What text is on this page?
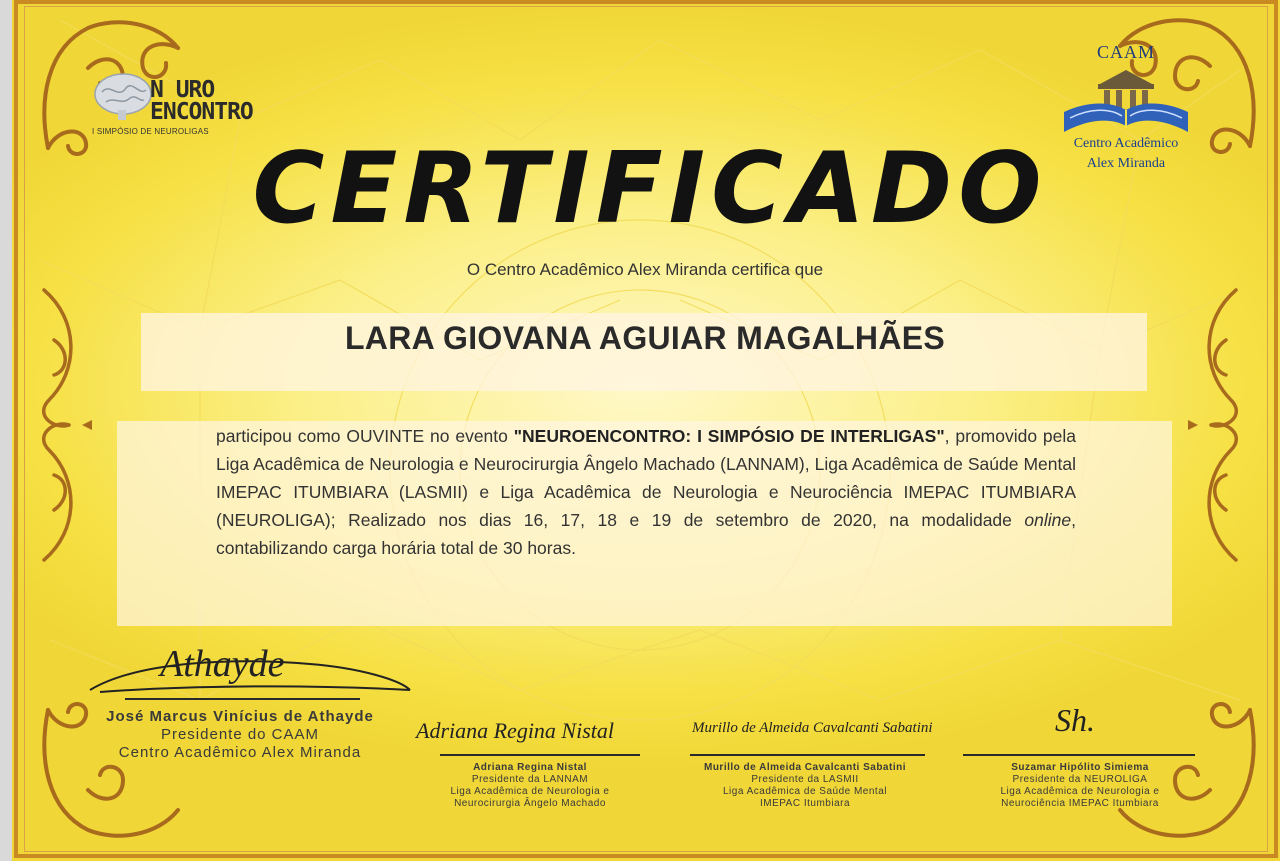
N URO
ENCONTRO
I SIMPÓSIO DE NEUROLIGAS
CAAM
Centro Acadêmico
Alex Miranda
CERTIFICADO
O Centro Acadêmico Alex Miranda certifica que
LARA GIOVANA AGUIAR MAGALHÃES
participou como OUVINTE no evento "NEUROENCONTRO: I SIMPÓSIO DE INTERLIGAS", promovido pela Liga Acadêmica de Neurologia e Neurocirurgia Ângelo Machado (LANNAM), Liga Acadêmica de Saúde Mental IMEPAC ITUMBIARA (LASMII) e Liga Acadêmica de Neurologia e Neurociência IMEPAC ITUMBIARA (NEUROLIGA); Realizado nos dias 16, 17, 18 e 19 de setembro de 2020, na modalidade online, contabilizando carga horária total de 30 horas.
Athayde
José Marcus Vinícius de Athayde
Presidente do CAAM
Centro Acadêmico Alex Miranda
Adriana Regina Nistal
Adriana Regina Nistal
Presidente da LANNAM
Liga Acadêmica de Neurologia e
Neurocirurgia Ângelo Machado
Murillo de Almeida Cavalcanti Sabatini
Murillo de Almeida Cavalcanti Sabatini
Presidente da LASMII
Liga Acadêmica de Saúde Mental
IMEPAC Itumbiara
Sh.
Suzamar Hipólito Simiema
Presidente da NEUROLIGA
Liga Acadêmica de Neurologia e
Neurociência IMEPAC Itumbiara
